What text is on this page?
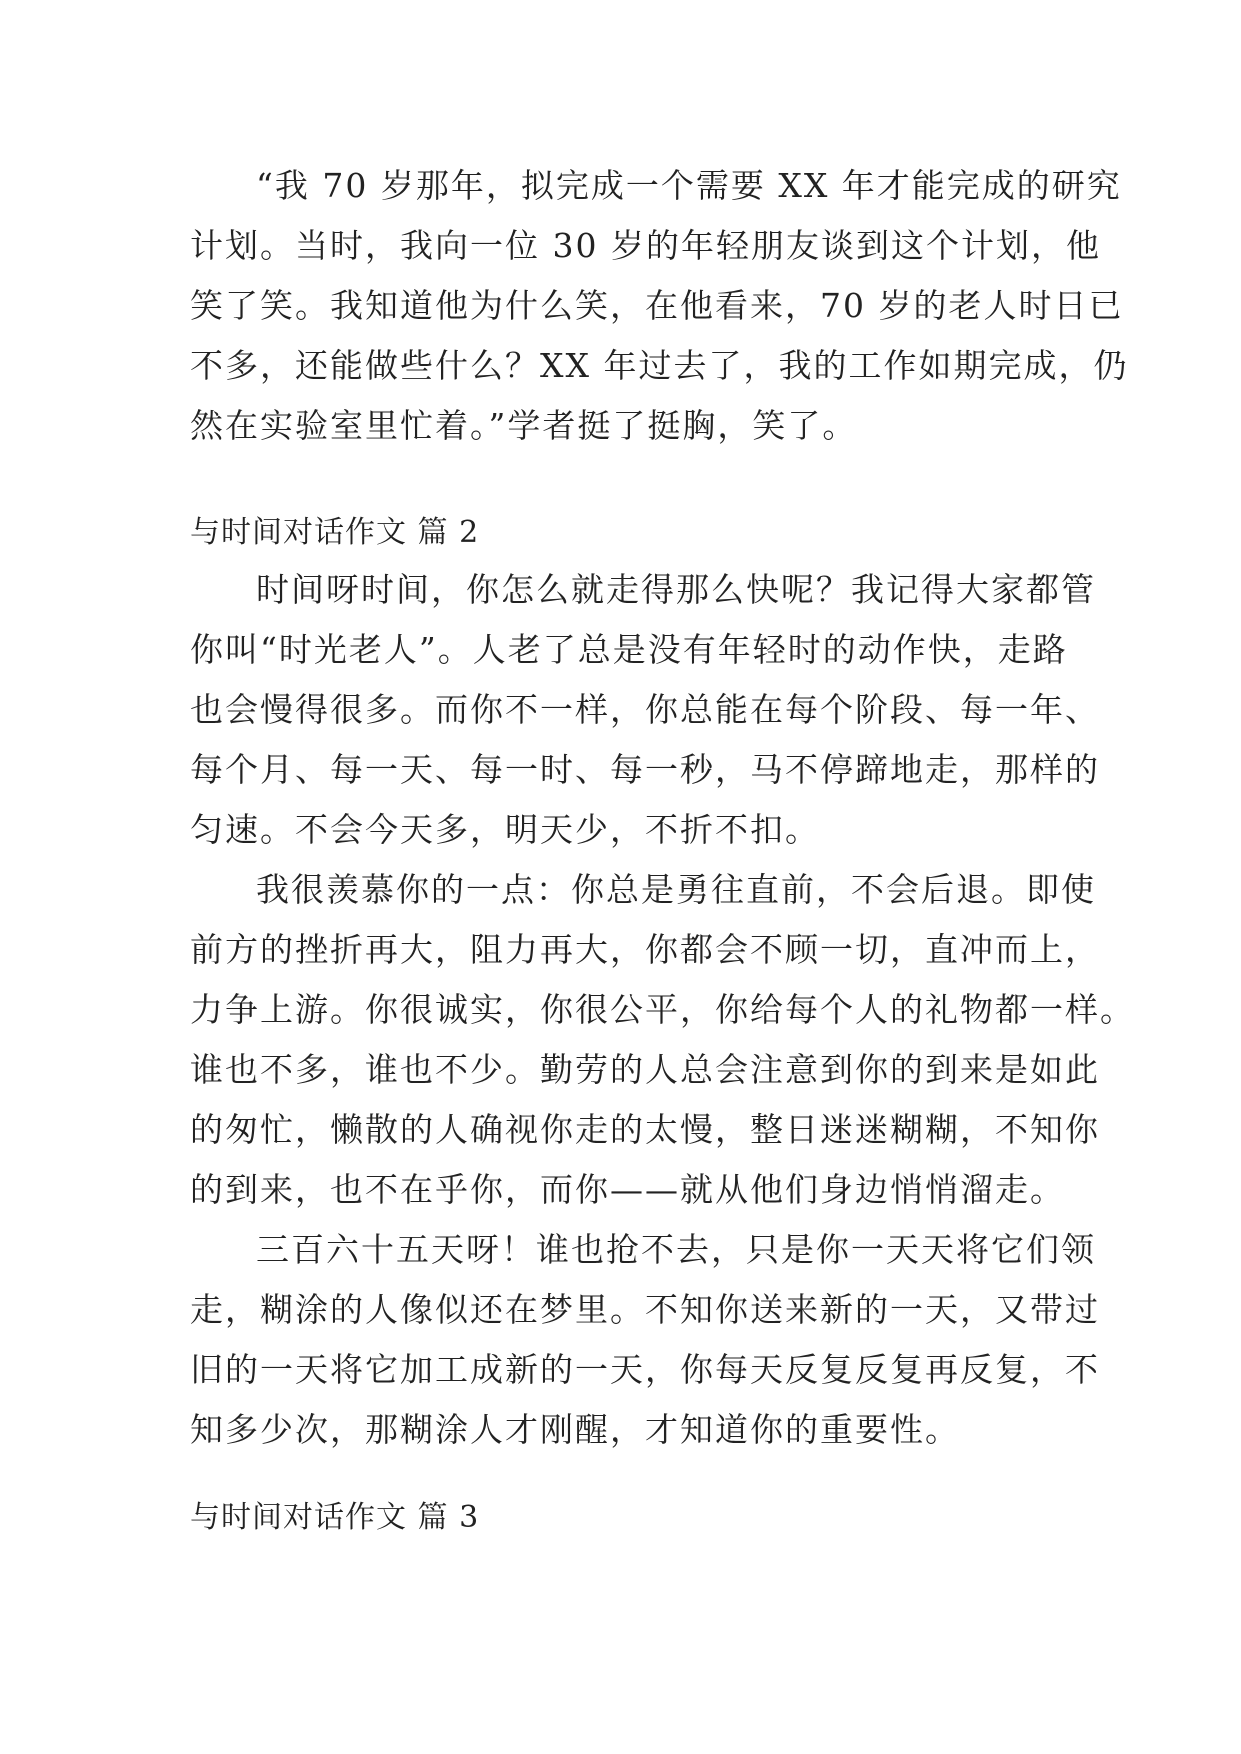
“我 70 岁那年，拟完成一个需要 XX 年才能完成的研究
计划。当时，我向一位 30 岁的年轻朋友谈到这个计划，他
笑了笑。我知道他为什么笑，在他看来，70 岁的老人时日已
不多，还能做些什么？XX 年过去了，我的工作如期完成，仍
然在实验室里忙着。”学者挺了挺胸，笑了。
与时间对话作文 篇 2
时间呀时间，你怎么就走得那么快呢？我记得大家都管
你叫“时光老人”。人老了总是没有年轻时的动作快，走路
也会慢得很多。而你不一样，你总能在每个阶段、每一年、
每个月、每一天、每一时、每一秒，马不停蹄地走，那样的
匀速。不会今天多，明天少，不折不扣。
我很羡慕你的一点：你总是勇往直前，不会后退。即使
前方的挫折再大，阻力再大，你都会不顾一切，直冲而上，
力争上游。你很诚实，你很公平，你给每个人的礼物都一样。
谁也不多，谁也不少。勤劳的人总会注意到你的到来是如此
的匆忙，懒散的人确视你走的太慢，整日迷迷糊糊，不知你
的到来，也不在乎你，而你——就从他们身边悄悄溜走。
三百六十五天呀！谁也抢不去，只是你一天天将它们领
走，糊涂的人像似还在梦里。不知你送来新的一天，又带过
旧的一天将它加工成新的一天，你每天反复反复再反复，不
知多少次，那糊涂人才刚醒，才知道你的重要性。
与时间对话作文 篇 3
